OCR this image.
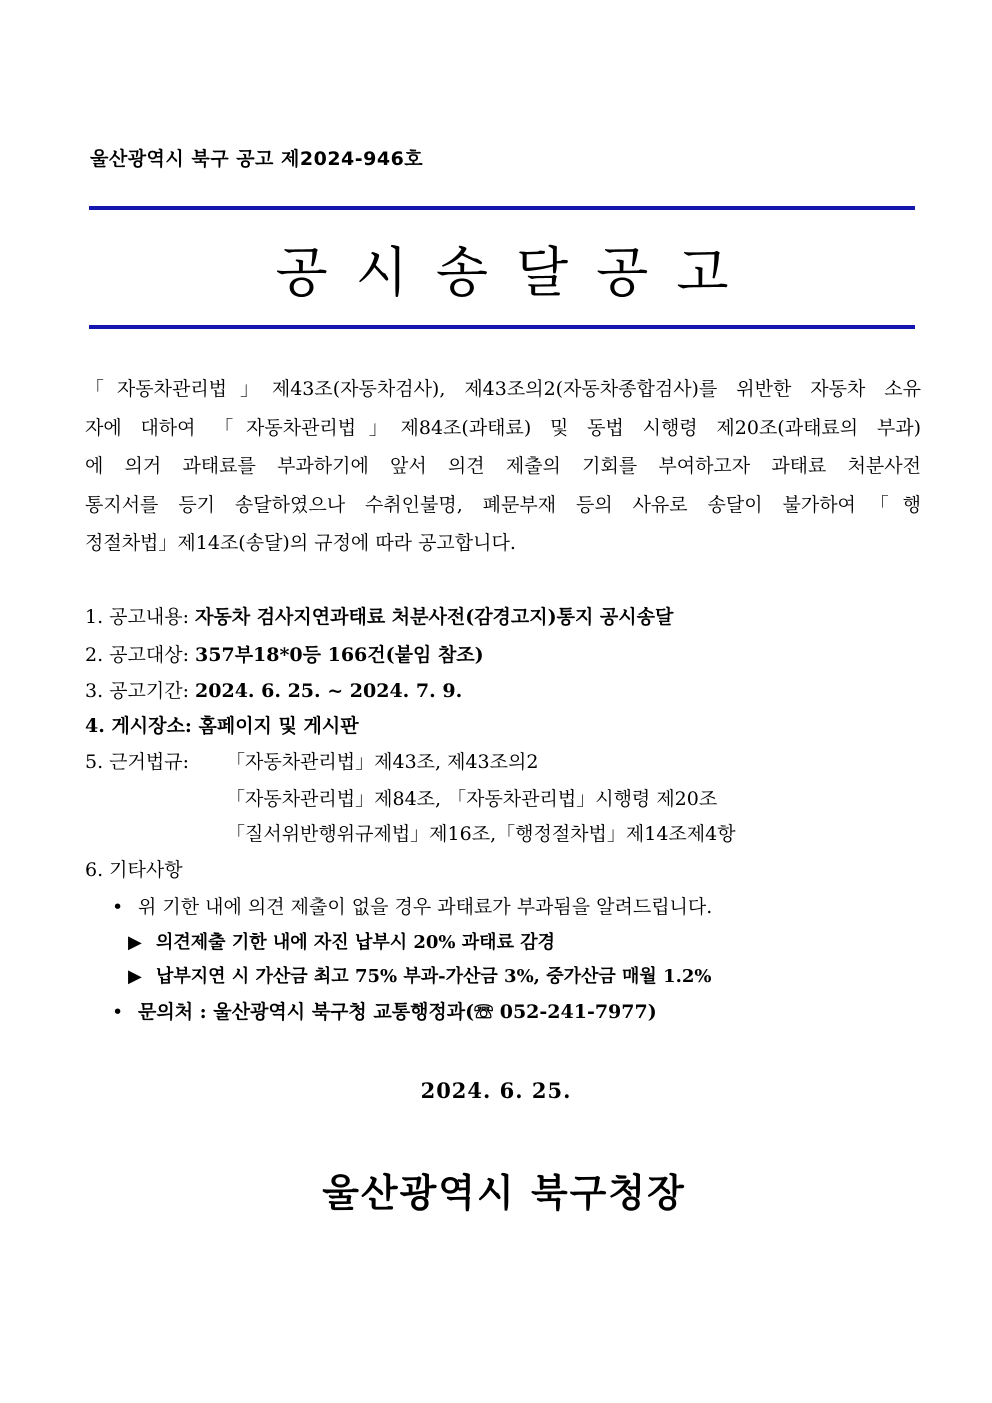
울산광역시 북구 공고 제2024-946호
공시송달공고
「자동차관리법」제43조(자동차검사), 제43조의2(자동차종합검사)를 위반한 자동차 소유
자에 대하여 「자동차관리법」제84조(과태료) 및 동법 시행령 제20조(과태료의 부과)
에 의거 과태료를 부과하기에 앞서 의견 제출의 기회를 부여하고자 과태료 처분사전
통지서를 등기 송달하였으나 수취인불명, 폐문부재 등의 사유로 송달이 불가하여「행
정절차법」제14조(송달)의 규정에 따라 공고합니다.
1. 공고내용: 자동차 검사지연과태료 처분사전(감경고지)통지 공시송달
2. 공고대상: 357부18*0등 166건(붙임 참조)
3. 공고기간: 2024. 6. 25. ~ 2024. 7. 9.
4. 게시장소: 홈페이지 및 게시판
5. 근거법규: 「자동차관리법」제43조, 제43조의2
「자동차관리법」제84조, 「자동차관리법」시행령 제20조
「질서위반행위규제법」제16조,「행정절차법」제14조제4항
6. 기타사항
• 위 기한 내에 의견 제출이 없을 경우 과태료가 부과됨을 알려드립니다.
▶ 의견제출 기한 내에 자진 납부시 20% 과태료 감경
▶ 납부지연 시 가산금 최고 75% 부과-가산금 3%, 중가산금 매월 1.2%
• 문의처 : 울산광역시 북구청 교통행정과(☏ 052-241-7977)
2024. 6. 25.
울산광역시 북구청장
